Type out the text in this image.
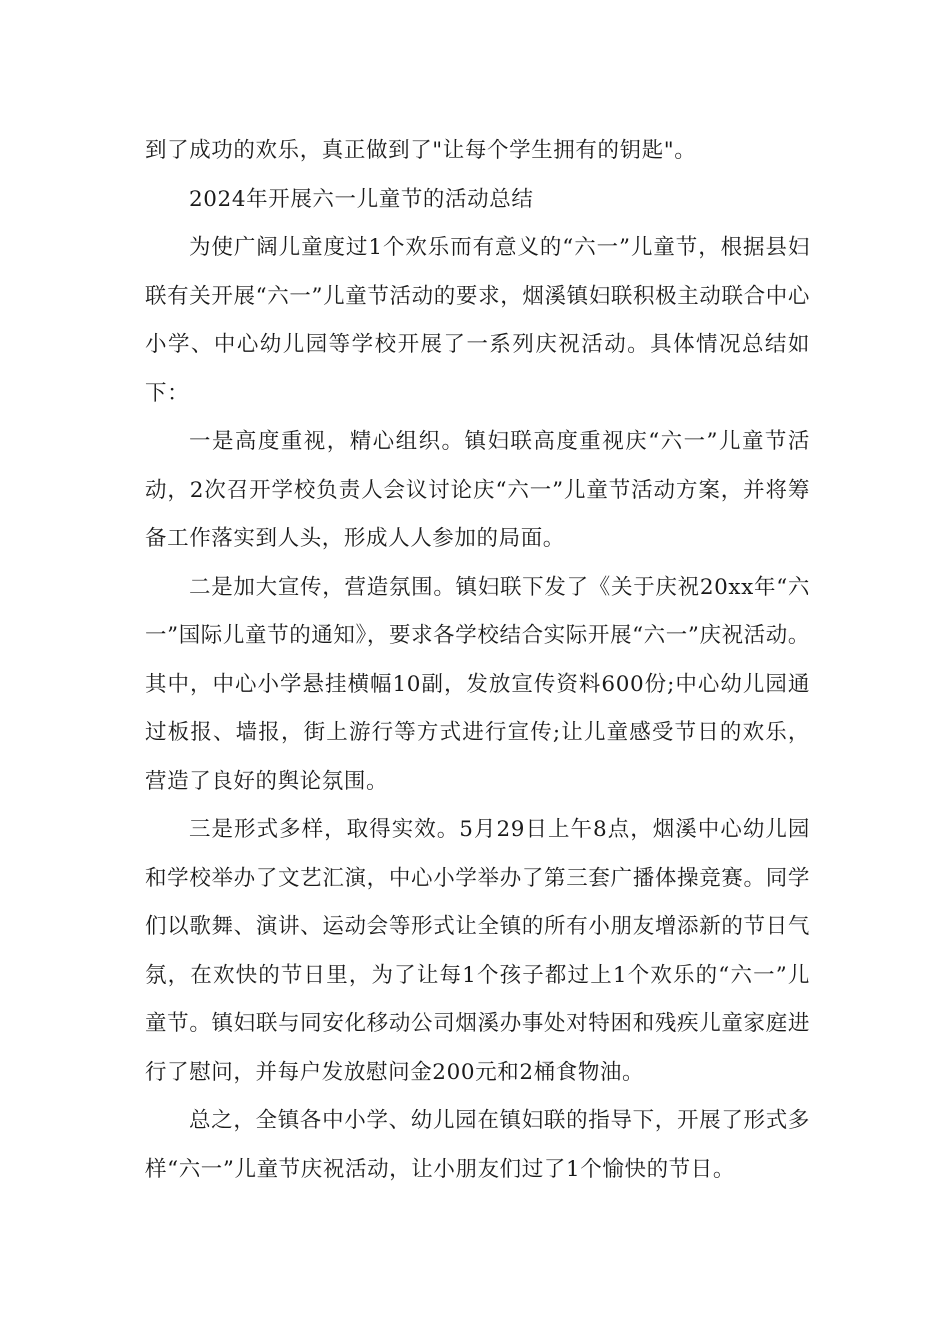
到了成功的欢乐，真正做到了"让每个学生拥有的钥匙"。

2024年开展六一儿童节的活动总结

为使广阔儿童度过1个欢乐而有意义的“六一”儿童节，根据县妇联有关开展“六一”儿童节活动的要求，烟溪镇妇联积极主动联合中心小学、中心幼儿园等学校开展了一系列庆祝活动。具体情况总结如下：

一是高度重视，精心组织。镇妇联高度重视庆“六一”儿童节活动，2次召开学校负责人会议讨论庆“六一”儿童节活动方案，并将筹备工作落实到人头，形成人人参加的局面。

二是加大宣传，营造氛围。镇妇联下发了《关于庆祝20xx年“六一”国际儿童节的通知》，要求各学校结合实际开展“六一”庆祝活动。其中，中心小学悬挂横幅10副，发放宣传资料600份;中心幼儿园通过板报、墙报，街上游行等方式进行宣传;让儿童感受节日的欢乐，营造了良好的舆论氛围。

三是形式多样，取得实效。5月29日上午8点，烟溪中心幼儿园和学校举办了文艺汇演，中心小学举办了第三套广播体操竞赛。同学们以歌舞、演讲、运动会等形式让全镇的所有小朋友增添新的节日气氛，在欢快的节日里，为了让每1个孩子都过上1个欢乐的“六一”儿童节。镇妇联与同安化移动公司烟溪办事处对特困和残疾儿童家庭进行了慰问，并每户发放慰问金200元和2桶食物油。

总之，全镇各中小学、幼儿园在镇妇联的指导下，开展了形式多样“六一”儿童节庆祝活动，让小朋友们过了1个愉快的节日。
